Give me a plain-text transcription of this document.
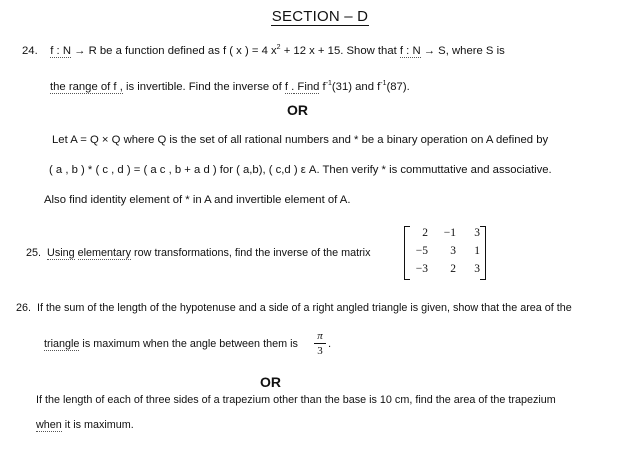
SECTION – D
24. f : N → R be a function defined as f ( x ) = 4 $x^2 + 12$ x + 15. Show that f : N → S, where S is
the range of f , is invertible. Find the inverse of f . Find $f^{-1}(31)$ and $f^{-1}(87)$.
OR
Let A = Q × Q where Q is the set of all rational numbers and * be a binary operation on A defined by
( a , b ) * ( c , d ) = ( a c , b + a d ) for ( a,b), ( c,d ) ε A. Then verify * is commuttative and associative.
Also find identity element of * in A and invertible element of A.
25. Using elementary row transformations, find the inverse of the matrix
2	−1	3
−5	3	1
−3	2	3
26. If the sum of the length of the hypotenuse and a side of a right angled triangle is given, show that the area of the
triangle is maximum when the angle between them is
π
3
.
OR
If the length of each of three sides of a trapezium other than the base is 10 cm, find the area of the trapezium
when it is maximum.
